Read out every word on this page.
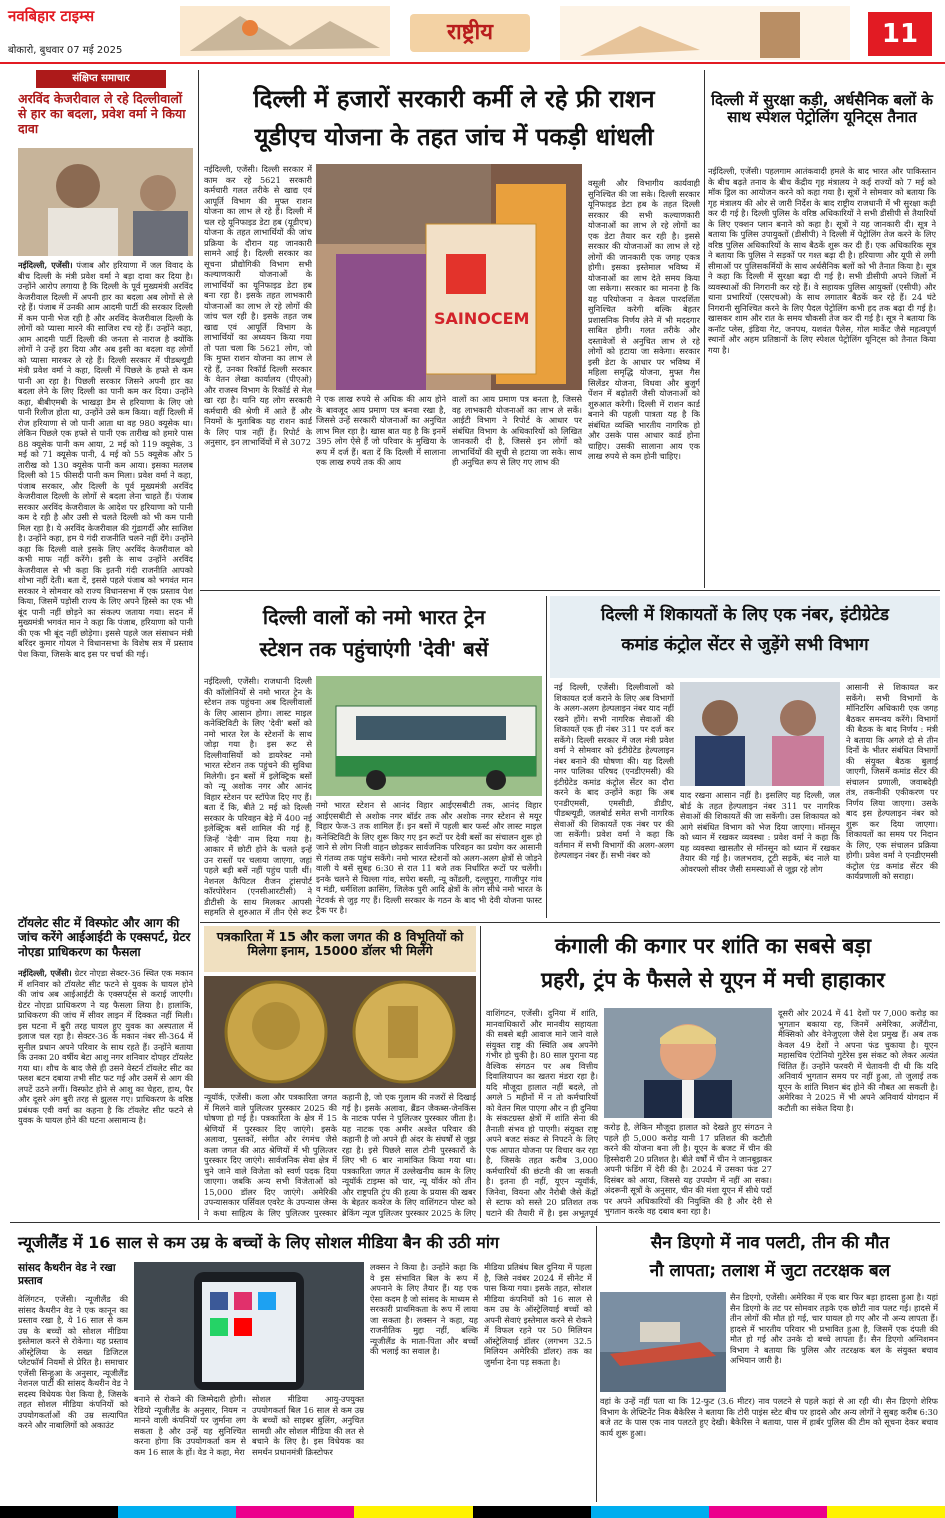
नवबिहार टाइम्स
बोकारो, बुधवार 07 मई 2025
राष्ट्रीय	11
संक्षिप्त समाचार
अरविंद केजरीवाल ले रहे दिल्लीवालों से हार का बदला, प्रवेश वर्मा ने किया दावा
नईदिल्ली, एजेंसी। पंजाब और हरियाणा में जल विवाद के बीच दिल्ली के मंत्री प्रवेश वर्मा ने बड़ा दावा कर दिया है। उन्होंने आरोप लगाया है कि दिल्ली के पूर्व मुख्यमंत्री अरविंद केजरीवाल दिल्ली में अपनी हार का बदला अब लोगों से ले रहे हैं। पंजाब में उनकी आम आदमी पार्टी की सरकार दिल्ली में कम पानी भेज रही है और अरविंद केजरीवाल दिल्ली के लोगों को प्यासा मारने की साजिश रच रहे हैं। उन्होंने कहा, आम आदमी पार्टी दिल्ली की जनता से नाराज है क्योंकि लोगों ने उन्हें हरा दिया और अब इसी का बदला वह लोगों को प्यासा मारकर ले रहे हैं। दिल्ली सरकार में पीडब्ल्यूडी मंत्री प्रवेश वर्मा ने कहा, दिल्ली में पिछले के हफ्ते से कम पानी आ रहा है। पिछली सरकार जिसने अपनी हार का बदला लेने के लिए दिल्ली का पानी कम कर दिया। उन्होंने कहा, बीबीएमबी के भाखड़ा डैम से हरियाणा के लिए जो पानी रिलीज होता था, उन्होंने उसे कम किया। वहीं दिल्ली में रोज हरियाणा से जो पानी आता था वह 980 क्यूसेक था। लेकिन पिछले एक हफ्ते से पानी एक तारीख को हमारे पास 88 क्यूसेक पानी कम आया, 2 मई को 119 क्यूसेक, 3 मई को 71 क्यूसेक पानी, 4 मई को 55 क्यूसेक और 5 तारीख को 130 क्यूसेक पानी कम आया। इसका मतलब दिल्ली को 15 फीसदी पानी कम मिला। प्रवेश वर्मा ने कहा, पंजाब सरकार, और दिल्ली के पूर्व मुख्यमंत्री अरविंद केजरीवाल दिल्ली के लोगों से बदला लेना चाहते हैं। पंजाब सरकार अरविंद केजरीवाल के आदेश पर हरियाणा को पानी कम दे रही है और उसी से चलते दिल्ली को भी कम पानी मिल रहा है। ये अरविंद केजरीवाल की गुंडागर्दी और साजिश है। उन्होंने कहा, हम ये गंदी राजनीति चलने नहीं देंगे। उन्होंने कहा कि दिल्ली वाले इसके लिए अरविंद केजरीवाल को कभी माफ नहीं करेंगे। इसी के साथ उन्होंने अरविंद केजरीवाल से भी कहा कि इतनी गंदी राजनीति आपको शोभा नहीं देती। बता दें, इससे पहले पंजाब को भगवंत मान सरकार ने सोमवार को राज्य विधानसभा में एक प्रस्ताव पेश किया, जिसमें पड़ोसी राज्य के लिए अपने हिस्से का एक भी बूंद पानी नहीं छोड़ने का संकल्प जताया गया। सदन में मुख्यमंत्री भगवंत मान ने कहा कि पंजाब, हरियाणा को पानी की एक भी बूंद नहीं छोड़ेगा। इससे पहले जल संसाधन मंत्री बरिंदर कुमार गोयल ने विधानसभा के विशेष सत्र में प्रस्ताव पेश किया, जिसके बाद इस पर चर्चा की गई।
टॉयलेट सीट में विस्फोट और आग की जांच करेंगे आईआईटी के एक्सपर्ट, ग्रेटर नोएडा प्राधिकरण का फैसला
नईदिल्ली, एजेंसी। ग्रेटर नोएडा सेक्टर-36 स्थित एक मकान में शनिवार को टॉयलेट सीट फटने से युवक के घायल होने की जांच अब आईआईटी के एक्सपर्ट्स से कराई जाएगी। ग्रेटर नोएडा प्राधिकरण ने यह फैसला लिया है। हालांकि, प्राधिकरण की जांच में सीवर लाइन में दिक्कत नहीं मिली। इस घटना में बुरी तरह घायल हुए युवक का अस्पताल में इलाज चल रहा है। सेक्टर-36 के मकान नंबर सी-364 में सुनील प्रधान अपने परिवार के साथ रहते हैं। उन्होंने बताया कि उनका 20 वर्षीय बेटा आशु नगर शनिवार दोपहर टॉयलेट गया था। शौच के बाद जैसे ही उसने वेस्टर्न टॉयलेट सीट का फ्लश बटन दबाया तभी सीट फट गई और उसमें से आग की लपटें उठने लगीं। विस्फोट होने से आशु का चेहरा, हाथ, पैर और दूसरे अंग बुरी तरह से झुलस गए। प्राधिकरण के वरिष्ठ प्रबंधक एवी वर्मा का कहना है कि टॉयलेट सीट फटने से युवक के घायल होने की घटना असामान्य है।
दिल्ली में हजारों सरकारी कर्मी ले रहे फ्री राशन
यूडीएच योजना के तहत जांच में पकड़ी धांधली
नईदिल्ली, एजेंसी। दिल्ली सरकार में काम कर रहे 5621 सरकारी कर्मचारी गलत तरीके से खाद्य एवं आपूर्ति विभाग की मुफ्त राशन योजना का लाभ ले रहे हैं। दिल्ली में चल रहे यूनिफाइड डेटा हब (यूडीएच) योजना के तहत लाभार्थियों की जांच प्रक्रिया के दौरान यह जानकारी सामने आई है। दिल्ली सरकार का सूचना प्रौद्योगिकी विभाग सभी कल्याणकारी योजनाओं के लाभार्थियों का यूनिफाइड डेटा हब बना रहा है। इसके तहत लाभकारी योजनाओं का लाभ ले रहे लोगों की जांच चल रही है। इसके तहत जब खाद्य एवं आपूर्ति विभाग के लाभार्थियों का अध्ययन किया गया तो पता चला कि 5621 लोग, जो कि मुफ्त राशन योजना का लाभ ले रहे हैं, उनका रिकॉर्ड दिल्ली सरकार के वेतन लेखा कार्यालय (पीएओ) और राजस्व विभाग के रिकॉर्ड से मेल खा रहा है। यानि यह लोग सरकारी कर्मचारी की श्रेणी में आते हैं और नियमों के मुताबिक यह राशन कार्ड के लिए पात्र नहीं हैं। रिपोर्ट के अनुसार, इन लाभार्थियों में से 3072
SAINOCEM
ने एक लाख रुपये से अधिक की आय होने के बावजूद आय प्रमाण पत्र बनवा रखा है, जिससे उन्हें सरकारी योजनाओं का अनुचित लाभ मिल रहा है। खास बात यह है कि इनमें 395 लोग ऐसे हैं जो परिवार के मुखिया के रूप में दर्ज हैं। बता दें कि दिल्ली में सालाना एक लाख रुपये तक की आय
वालों का आय प्रमाण पत्र बनता है, जिससे वह लाभकारी योजनाओं का लाभ ले सकें। आईटी विभाग ने रिपोर्ट के आधार पर संबंधित विभाग के अधिकारियों को लिखित जानकारी दी है, जिससे इन लोगों को लाभार्थियों की सूची से हटाया जा सके। साथ ही अनुचित रूप से लिए गए लाभ की
वसूली और विभागीय कार्यवाही सुनिश्चित की जा सके। दिल्ली सरकार यूनिफाइड डेटा हब के तहत दिल्ली सरकार की सभी कल्याणकारी योजनाओं का लाभ ले रहे लोगों का एक डेटा तैयार कर रही है। इससे सरकार की योजनाओं का लाभ ले रहे लोगों की जानकारी एक जगह एकत्र होगी। इसका इस्तेमाल भविष्य में योजनाओं का लाभ देते समय किया जा सकेगा। सरकार का मानना है कि यह परियोजना न केवल पारदर्शिता सुनिश्चित करेगी बल्कि बेहतर प्रशासनिक निर्णय लेने में भी मददगार साबित होगी। गलत तरीके और दस्तावेजों से अनुचित लाभ ले रहे लोगों को हटाया जा सकेगा। सरकार इसी डेटा के आधार पर भविष्य में महिला समृद्धि योजना, मुफ्त गैस सिलेंडर योजना, विधवा और बुजुर्ग पेंशन में बढ़ोतरी जैसी योजनाओं को शुरुआत करेगी। दिल्ली में राशन कार्ड बनाने की पहली पात्रता यह है कि संबंधित व्यक्ति भारतीय नागरिक हो और उसके पास आधार कार्ड होना चाहिए। उसकी सालाना आय एक लाख रुपये से कम होनी चाहिए।
दिल्ली में सुरक्षा कड़ी, अर्धसैनिक बलों के साथ स्पेशल पेट्रोलिंग यूनिट्स तैनात
नईदिल्ली, एजेंसी। पहलगाम आतंकवादी हमले के बाद भारत और पाकिस्तान के बीच बढ़ते तनाव के बीच केंद्रीय गृह मंत्रालय ने कई राज्यों को 7 मई को मॉक ड्रिल का आयोजन करने को कहा गया है। सूत्रों ने सोमवार को बताया कि गृह मंत्रालय की ओर से जारी निर्देश के बाद राष्ट्रीय राजधानी में भी सुरक्षा कड़ी कर दी गई है। दिल्ली पुलिस के वरिष्ठ अधिकारियों ने सभी डीसीपी से तैयारियों के लिए एक्शन प्लान बनाने को कहा है। सूत्रों ने यह जानकारी दी। सूत्र ने बताया कि पुलिस उपायुक्तों (डीसीपी) ने दिल्ली में पेट्रोलिंग तेज करने के लिए वरिष्ठ पुलिस अधिकारियों के साथ बैठकें शुरू कर दी हैं। एक अधिकारिक सूत्र ने बताया कि पुलिस ने सड़कों पर गश्त बढ़ा दी है। हरियाणा और यूपी से लगी सीमाओं पर पुलिसकर्मियों के साथ अर्धसैनिक बलों को भी तैनात किया है। सूत्र ने कहा कि दिल्ली में सुरक्षा बढ़ा दी गई है। सभी डीसीपी अपने जिलों में व्यवस्थाओं की निगरानी कर रहे हैं। वे सहायक पुलिस आयुक्तों (एसीपी) और थाना प्रभारियों (एसएचओ) के साथ लगातार बैठकें कर रहे हैं। 24 घंटे निगरानी सुनिश्चित करने के लिए पैदल पेट्रोलिंग कभी हद तक बढ़ा दी गई है। खासकर शाम और रात के समय चौकसी तेज कर दी गई है। सूत्र ने बताया कि कनॉट प्लेस, इंडिया गेट, जनपथ, यशवंत पैलेस, गोल मार्केट जैसे महत्वपूर्ण स्थानों और अहम प्रतिष्ठानों के लिए स्पेशल पेट्रोलिंग यूनिट्स को तैनात किया गया है।
दिल्ली वालों को नमो भारत ट्रेन
स्टेशन तक पहुंचाएंगी 'देवी' बसें
नईदिल्ली, एजेंसी। राजधानी दिल्ली की कॉलोनियों से नमो भारत ट्रेन के स्टेशन तक पहुंचना अब दिल्लीवालों के लिए आसान होगा। लास्ट माइल कनेक्टिविटी के लिए 'देवी' बसों को नमो भारत रेल के स्टेशनों के साथ जोड़ा गया है। इस रूट से दिल्लीवासियों को डायरेक्ट नमो भारत स्टेशन तक पहुंचने की सुविधा मिलेगी। इन बसों में इलेक्ट्रिक बसों को न्यू अशोक नगर और आनंद विहार स्टेशन पर स्टॉपेज दिए गए हैं। बता दें कि, बीते 2 मई को दिल्ली सरकार के परिवहन बेड़े में 400 नई इलेक्ट्रिक बसें शामिल की गई हैं, जिन्हें 'देवी' नाम दिया गया है। आकार में छोटी होने के चलते इन्हें उन रास्तों पर चलाया जाएगा, जहां पहले बड़ी बसें नहीं पहुंच पाती थीं। नेशनल कैपिटल रीजन ट्रांसपोर्ट कॉरपोरेशन (एनसीआरटीसी) ने डीटीसी के साथ मिलकर आपसी सहमति से शुरुआत में तीन ऐसे रूट
नमो भारत स्टेशन से आनंद विहार आईएसबीटी तक, आनंद विहार आईएसबीटी से अशोक नगर बॉर्डर तक और अशोक नगर स्टेशन से मयूर विहार फेज-3 तक शामिल हैं। इन बसों में पहली बार फर्स्ट और लास्ट माइल कनेक्टिविटी के लिए शुरू किए गए इन रूटों पर देवी बसों का संचालन शुरू हो जाने से लोग निजी वाहन छोड़कर सार्वजनिक परिवहन का प्रयोग कर आसानी से गंतव्य तक पहुंच सकेंगे। नमो भारत स्टेशनों को अलग-अलग क्षेत्रों से जोड़ने वाली ये बसें सुबह 6:30 से रात 11 बजे तक निर्धारित रूटों पर चलेंगी। इनके चलने से चिल्ला गांव, सपेरा बस्ती, न्यू कोंडली, दल्लुपुरा, गाजीपुर गांव व मंडी, धर्मशिला क्रासिंग, जिलेक पुरी आदि क्षेत्रों के लोग सीधे नमो भारत के नेटवर्क से जुड़ गए हैं। दिल्ली सरकार के गठन के बाद भी देवी योजना फास्ट ट्रैक पर है।
दिल्ली में शिकायतों के लिए एक नंबर, इंटीग्रेटेड
कमांड कंट्रोल सेंटर से जुड़ेंगे सभी विभाग
नई दिल्ली, एजेंसी। दिल्लीवालों को शिकायत दर्ज कराने के लिए अब विभागों के अलग-अलग हेल्पलाइन नंबर याद नहीं रखने होंगे। सभी नागरिक सेवाओं की शिकायतें एक ही नंबर 311 पर दर्ज कर सकेंगे। दिल्ली सरकार में जल मंत्री प्रवेश वर्मा ने सोमवार को इंटीग्रेटेड हेल्पलाइन नंबर बनाने की घोषणा की। यह दिल्ली नगर पालिका परिषद (एनडीएमसी) की इंटीग्रेटेड कमांड कंट्रोल सेंटर का दौरा करने के बाद उन्होंने कहा कि अब एनडीएमसी, एमसीडी, डीडीए, पीडब्ल्यूडी, जलबोर्ड समेत सभी नागरिक सेवाओं की शिकायतें एक नंबर पर की जा सकेंगी। प्रवेश वर्मा ने कहा कि वर्तमान में सभी विभागों की अलग-अलग हेल्पलाइन नंबर हैं। सभी नंबर को
याद रखना आसान नहीं है। इसलिए यह दिल्ली, जल बोर्ड के तहत हेल्पलाइन नंबर 311 पर नागरिक सेवाओं की शिकायतें की जा सकेंगी। उस शिकायत को आगे संबंधित विभाग को भेज दिया जाएगा। मॉनसून को ध्यान में रखकर व्यवस्था : प्रवेश वर्मा ने कहा कि यह व्यवस्था खासतौर से मॉनसून को ध्यान में रखकर तैयार की गई है। जलभराव, टूटी सड़कें, बंद नाले या ओवरफ्लो सीवर जैसी समस्याओं से जूझ रहे लोग
आसानी से शिकायत कर सकेंगे। सभी विभागों के मॉनिटरिंग अधिकारी एक जगह बैठकर समन्वय करेंगे। विभागों की बैठक के बाद निर्णय : मंत्री ने बताया कि अगले दो से तीन दिनों के भीतर संबंधित विभागों की संयुक्त बैठक बुलाई जाएगी, जिसमें कमांड सेंटर की संचालन प्रणाली, जवाबदेही तंत्र, तकनीकी एकीकरण पर निर्णय लिया जाएगा। उसके बाद इस हेल्पलाइन नंबर को शुरू कर दिया जाएगा। शिकायतों का समय पर निदान के लिए, एक संचालन प्रक्रिया होगी। प्रवेश वर्मा ने एनडीएमसी कंट्रोल एंड कमांड सेंटर की कार्यप्रणाली को सराहा।
पत्रकारिता में 15 और कला जगत की 8 विभूतियों को मिलेगा इनाम, 15000 डॉलर भी मिलेंगे
न्यूयॉर्क, एजेंसी। कला और पत्रकारिता जगत में मिलने वाले पुलित्जर पुरस्कार 2025 की घोषणा हो गई है। पत्रकारिता के क्षेत्र में 15 श्रेणियों में पुरस्कार दिए जाएंगे। इसके अलावा, पुस्तकों, संगीत और रंगमंच जैसे कला जगत की आठ श्रेणियों में भी पुलित्जर पुरस्कार दिए जाएंगे। सार्वजनिक सेवा क्षेत्र में चुने जाने वाले विजेता को स्वर्ण पदक दिया जाएगा। जबकि अन्य सभी विजेताओं को 15,000 डॉलर दिए जाएंगे। अमेरिकी उपन्यासकार पर्सिवल एवरेट के उपन्यास जेम्स ने कथा साहित्य के लिए पुलित्जर पुरस्कार
कहानी है, जो एक गुलाम की नजरों से दिखाई गई है। इसके अलावा, ब्रैंडन जैकब्स-जेनकिंस के नाटक पर्पस ने पुलित्जर पुरस्कार जीता है। यह नाटक एक अमीर अश्वेत परिवार की कहानी है जो अपने ही अंदर के संघर्षों से जूझ रहा है। इसे पिछले साल टोनी पुरस्कारों के लिए भी 6 बार नामांकित किया गया था। पत्रकारिता जगत में उल्लेखनीय काम के लिए न्यूयॉर्क टाइम्स को चार, न्यू यॉर्कर को तीन और राष्ट्रपति ट्रंप की हत्या के प्रयास की खबर के बेहतर कवरेज के लिए वाशिंगटन पोस्ट को ब्रेकिंग न्यूज पुलित्जर पुरस्कार 2025 के लिए
कंगाली की कगार पर शांति का सबसे बड़ा
प्रहरी, ट्रंप के फैसले से यूएन में मची हाहाकार
वाशिंगटन, एजेंसी। दुनिया में शांति, मानवाधिकारों और मानवीय सहायता की सबसे बड़ी आवाज माने जाने वाले संयुक्त राष्ट्र की स्थिति अब अपनेंगे गंभीर हो चुकी है। 80 साल पुराना यह वैश्विक संगठन पर अब वित्तीय दिवालियापन का खतरा मंडरा रहा है। यदि मौजूदा हालात नहीं बदले, तो अगले 5 महीनों में न तो कर्मचारियों को वेतन मिल पाएगा और न ही दुनिया के संकटग्रस्त क्षेत्रों में शांति सेना की तैनाती संभव हो पाएगी। संयुक्त राष्ट्र अपने बजट संकट से निपटने के लिए एक आपात योजना पर विचार कर रहा है, जिसके तहत करीब 3,000 कर्मचारियों की छंटनी की जा सकती है। इतना ही नहीं, यूएन न्यूयॉर्क, जिनेवा, वियना और नैरोबी जैसे केंद्रों से स्टाफ को सस्ते 20 प्रतिशत तक घटाने की तैयारी में है। इस अभूतपूर्व
करोड़ है, लेकिन मौजूदा हालात को देखते हुए संगठन ने पहले ही 5,000 करोड़ यानी 17 प्रतिशत की कटौती करने की योजना बना ली है। यूएन के बजट में चीन की हिस्सेदारी 20 प्रतिशत है। बीते वर्षों में चीन ने जानबूझकर अपनी फंडिंग में देरी की है। 2024 में उसका फंड 27 दिसंबर को आया, जिससे यह उपयोग में नहीं आ सका। अंदरूनी सूत्रों के अनुसार, चीन की मंशा यूएन में सीधे पदों पर अपने अधिकारियों की नियुक्ति की है और देरी से भुगतान करके वह दबाव बना रहा है।
दूसरी ओर 2024 में 41 देशों पर 7,000 करोड़ का भुगतान बकाया रह, जिनमें अमेरिका, अर्जेंटीना, मैक्सिको और वेनेजुएला जैसे देश प्रमुख हैं। अब तक केवल 49 देशों ने अपना फंड चुकाया है। यूएन महासचिव एंटोनियो गुटेरेस इस संकट को लेकर अत्यंत चिंतित हैं। उन्होंने फरवरी में चेतावनी दी थी कि यदि अनिवार्य भुगतान समय पर नहीं हुआ, तो जुलाई तक यूएन के शांति मिशन बंद होने की नौबत आ सकती है। अमेरिका ने 2025 में भी अपने अनिवार्य योगदान में कटौती का संकेत दिया है।
न्यूजीलैंड में 16 साल से कम उम्र के बच्चों के लिए सोशल मीडिया बैन की उठी मांग
सांसद कैथरीन वेड ने रखा प्रस्ताव
वेलिंगटन, एजेंसी। न्यूजीलैंड की सांसद कैथरीन वेड ने एक कानून का प्रस्ताव रखा है, ये 16 साल से कम उम्र के बच्चों को सोशल मीडिया इस्तेमाल करने से रोकेगा। यह प्रस्ताव ऑस्ट्रेलिया के सख्त डिजिटल प्लेटफॉर्म नियमों से प्रेरित है। समाचार एजेंसी सिन्हुआ के अनुसार, न्यूजीलैंड नेशनल पार्टी की सांसद कैथरीन वेड ने सदस्य विधेयक पेश किया है, जिसके तहत सोशल मीडिया कंपनियों को उपयोगकर्ताओं की उम्र सत्यापित करने और नाबालिगों को अकाउंट
बनाने से रोकने की जिम्मेदारी होगी। रेडियो न्यूजीलैंड के अनुसार, नियम न मानने वाली कंपनियों पर जुर्माना लग सकता है और उन्हें यह सुनिश्चित करना होगा कि उपयोगकर्ता कम से कम 16 साल के हों। वेड ने कहा, मेरा
सोशल मीडिया आयु-उपयुक्त उपयोगकर्ता बिल 16 साल से कम उम्र के बच्चों को साइबर बुलिंग, अनुचित सामग्री और सोशल मीडिया की लत से बचाने के लिए है। इस विधेयक का समर्थन प्रधानमंत्री क्रिस्टोफर
लक्सन ने किया है। उन्होंने कहा कि वे इस संभावित बिल के रूप में अपनाने के लिए तैयार हैं। यह एक ऐसा कदम है जो सांसद के माध्यम से सरकारी प्राथमिकता के रूप में लाया जा सकता है। लक्सन ने कहा, यह राजनीतिक मुद्दा नहीं, बल्कि न्यूजीलैंड के माता-पिता और बच्चों की भलाई का सवाल है।
मीडिया प्रतिबंध बिल दुनिया में पहला है, जिसे नवंबर 2024 में सीनेट में पास किया गया। इसके तहत, सोशल मीडिया कंपनियों को 16 साल से कम उम्र के ऑस्ट्रेलियाई बच्चों को अपनी सेवाएं इस्तेमाल करने से रोकने में विफल रहने पर 50 मिलियन ऑस्ट्रेलियाई डॉलर (लगभग 32.5 मिलियन अमेरिकी डॉलर) तक का जुर्माना देना पड़ सकता है।
सैन डिएगो में नाव पलटी, तीन की मौत
नौ लापता; तलाश में जुटा तटरक्षक बल
सैन डिएगो, एजेंसी। अमेरिका में एक बार फिर बड़ा हादसा हुआ है। यहां सैन डिएगो के तट पर सोमवार तड़के एक छोटी नाव पलट गई। हादसे में तीन लोगों की मौत हो गई, चार घायल हो गए और नौ अन्य लापता हैं। हादसे में भारतीय परिवार भी प्रभावित हुआ है, जिसमें एक दंपती की मौत हो गई और उनके दो बच्चे लापता हैं। सैन डिएगो अग्निशमन विभाग ने बताया कि पुलिस और तटरक्षक बल के संयुक्त बचाव अभियान जारी है।
वहां के उन्हें नहीं पता था कि 12-फुट (3.6 मीटर) नाव पलटने से पहले कहां से आ रही थी। सैन डिएगो शेरिफ विभाग के लेफ्टिनेंट निक बैकेरिस ने बताया कि टोरी पाइंस स्टेट बीच पर हादसे और अन्य लोगों ने सुबह करीब 6:30 बजे तट के पास एक नाव पलटते हुए देखी। बैकेरिस ने बताया, पास में हार्बर पुलिस की टीम को सूचना देकर बचाव कार्य शुरू हुआ।
